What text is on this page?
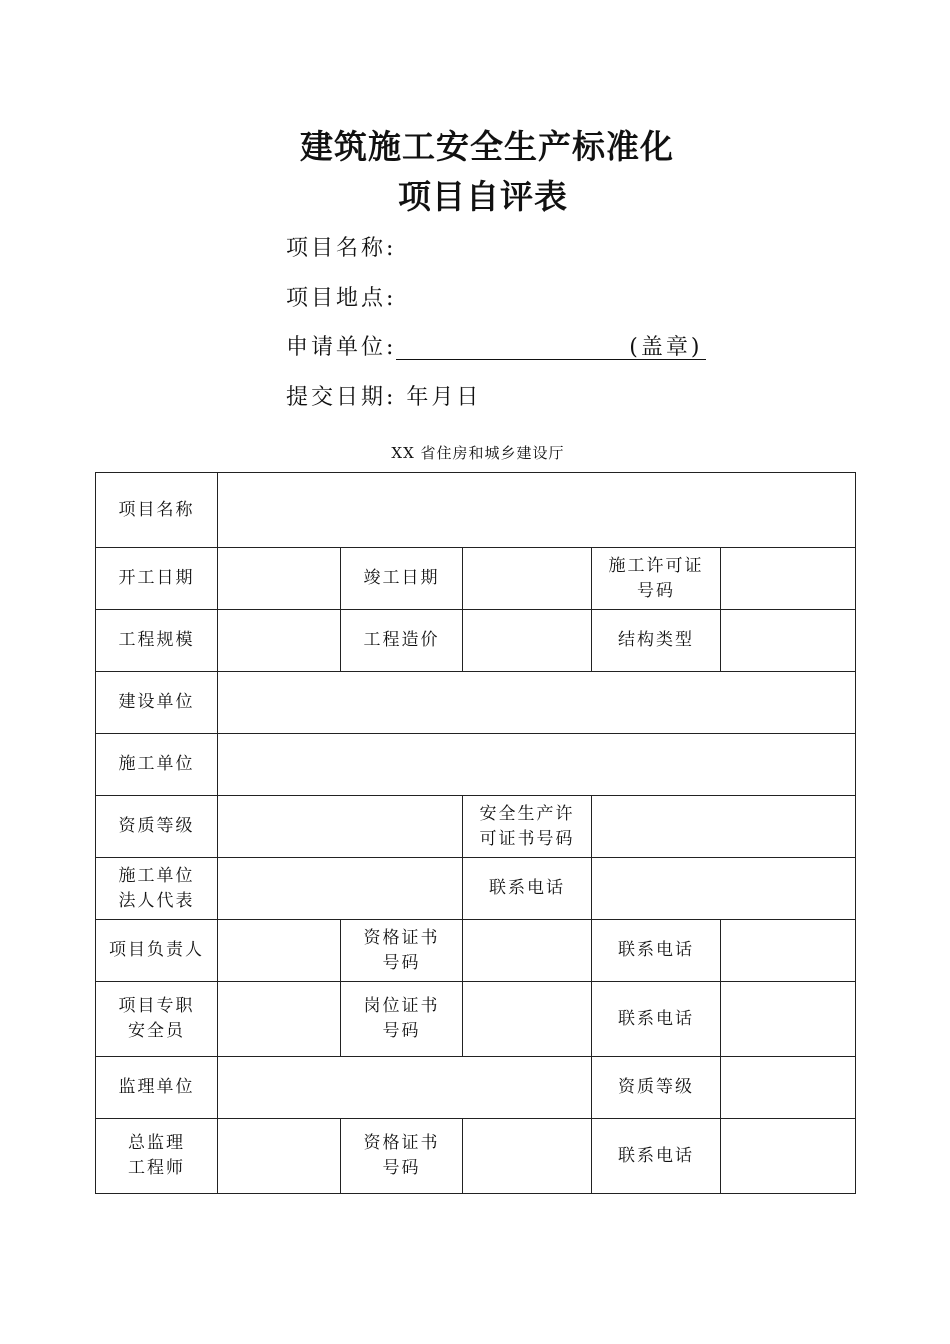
建筑施工安全生产标准化
项目自评表
项目名称:
项目地点:
申请单位:	(盖章)
提交日期: 年月日
XX 省住房和城乡建设厅
项目名称					
开工日期		竣工日期		施工许可证
号码	
工程规模		工程造价		结构类型	
建设单位					
施工单位					
资质等级			安全生产许
可证书号码		
施工单位
法人代表			联系电话		
项目负责人		资格证书
号码		联系电话	
项目专职
安全员		岗位证书
号码		联系电话	
监理单位				资质等级	
总监理
工程师		资格证书
号码		联系电话	
